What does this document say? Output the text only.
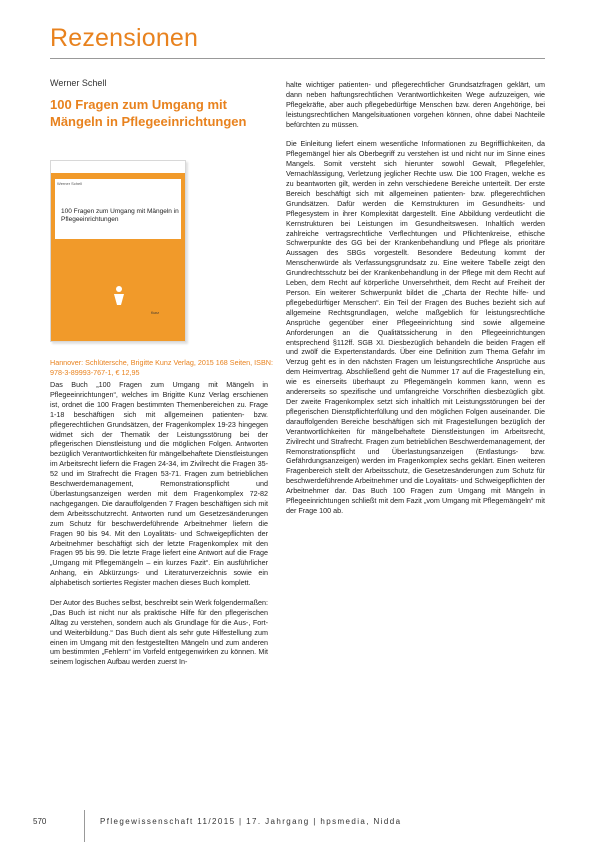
Rezensionen
Werner Schell
100 Fragen zum Umgang mit Mängeln in Pflegeeinrichtungen
Werner Schell
100 Fragen zum Umgang mit Mängeln in Pflegeeinrichtungen
Kunz
Hannover: Schlütersche, Brigitte Kunz Verlag, 2015 168 Seiten, ISBN: 978-3-89993-767-1, € 12,95

Das Buch „100 Fragen zum Umgang mit Mängeln in Pflegeeinrichtungen“, welches im Brigitte Kunz Verlag erschienen ist, ordnet die 100 Fragen bestimmten Themenbereichen zu. Frage 1-18 beschäftigen sich mit allgemeinen patienten- bzw. pflegerechtlichen Grundsätzen, der Fragenkomplex 19-23 hingegen widmet sich der Thematik der Leistungsstörung bei der pflegerischen Dienstleistung und die möglichen Folgen. Antworten bezüglich Verantwortlichkeiten für mängelbehaftete Dienstleistungen im Arbeitsrecht liefern die Fragen 24-34, im Zivilrecht die Fragen 35-52 und im Strafrecht die Fragen 53-71. Fragen zum betrieblichen Beschwerdemanagement, Remonstrationspflicht und Überlastungsanzeigen werden mit dem Fragenkomplex 72-82 nachgegangen. Die darauffolgenden 7 Fragen beschäftigen sich mit dem Arbeitsschutzrecht. Antworten rund um Gesetzesänderungen zum Schutz für beschwerdeführende Arbeitnehmer liefern die Fragen 90 bis 94. Mit den Loyalitäts- und Schweigepflichten der Arbeitnehmer beschäftigt sich der letzte Fragenkomplex mit den Fragen 95 bis 99. Die letzte Frage liefert eine Antwort auf die Frage „Umgang mit Pflegemängeln – ein kurzes Fazit“. Ein ausführlicher Anhang, ein Abkürzungs- und Literaturverzeichnis sowie ein alphabetisch sortiertes Register machen dieses Buch komplett.

Der Autor des Buches selbst, beschreibt sein Werk folgendermaßen: „Das Buch ist nicht nur als praktische Hilfe für den pflegerischen Alltag zu verstehen, sondern auch als Grundlage für die Aus-, Fort- und Weiterbildung.“ Das Buch dient als sehr gute Hilfestellung zum einen im Umgang mit den festgestellten Mängeln und zum anderen um bestimmten „Fehlern“ im Vorfeld entgegenwirken zu können. Mit seinem logischen Aufbau werden zuerst In-

halte wichtiger patienten- und pflegerechtlicher Grundsatzfragen geklärt, um dann neben haftungsrechtlichen Verantwortlichkeiten Wege aufzuzeigen, wie Pflegekräfte, aber auch pflegebedürftige Menschen bzw. deren Angehörige, bei leistungsrechtlichen Mangelsituationen vorgehen können, ohne dabei Nachteile befürchten zu müssen.

Die Einleitung liefert einem wesentliche Informationen zu Begrifflichkeiten, da Pflegemängel hier als Oberbegriff zu verstehen ist und nicht nur im Sinne eines Mangels. Somit versteht sich hierunter sowohl Gewalt, Pflegefehler, Vernachlässigung, Verletzung jeglicher Rechte usw. Die 100 Fragen, welche es zu beantworten gilt, werden in zehn verschiedene Bereiche unterteilt. Der erste Bereich beschäftigt sich mit allgemeinen patienten- bzw. pflegerechtlichen Grundsätzen. Dafür werden die Kernstrukturen im Gesundheits- und Pflegesystem in ihrer Komplexität dargestellt. Eine Abbildung verdeutlicht die Kernstrukturen bei Leistungen im Gesundheitswesen. Inhaltlich werden zahlreiche vertragsrechtliche Verflechtungen und Pflichtenkreise, ethische Schwerpunkte des GG bei der Krankenbehandlung und Pflege als prioritäre Aussagen des SBGs vorgestellt. Besondere Bedeutung kommt der Menschenwürde als Verfassungsgrundsatz zu. Eine weitere Tabelle zeigt den Grundrechtsschutz bei der Krankenbehandlung in der Pflege mit dem Recht auf Leben, dem Recht auf körperliche Unversehrtheit, dem Recht auf Freiheit der Person. Ein weiterer Schwerpunkt bildet die „Charta der Rechte hilfe- und pflegebedürftiger Menschen“. Ein Teil der Fragen des Buches bezieht sich auf allgemeine Rechtsgrundlagen, welche maßgeblich für leistungsrechtliche Ansprüche gegenüber einer Pflegeeinrichtung sind sowie allgemeine Anforderungen an die Qualitätssicherung in den Pflegeeinrichtungen entsprechend §112ff. SGB XI. Diesbezüglich behandeln die beiden Fragen elf und zwölf die Expertenstandards. Über eine Definition zum Thema Gefahr im Verzug geht es in den nächsten Fragen um leistungsrechtliche Ansprüche aus dem Heimvertrag. Abschließend geht die Nummer 17 auf die Fragestellung ein, wie es einerseits überhaupt zu Pflegemängeln kommen kann, wenn es andererseits so spezifische und umfangreiche Vorschriften diesbezüglich gibt. Der zweite Fragenkomplex setzt sich inhaltlich mit Leistungsstörungen bei der pflegerischen Dienstpflichterfüllung und den möglichen Folgen auseinander. Die darauffolgenden Bereiche beschäftigen sich mit Fragestellungen bezüglich der Verantwortlichkeiten für mängelbehaftete Dienstleistungen im Arbeitsrecht, Zivilrecht und Strafrecht. Fragen zum betrieblichen Beschwerdemanagement, der Remonstrationspflicht und Überlastungsanzeigen (Entlastungs- bzw. Gefährdungsanzeigen) werden im Fragenkomplex sechs geklärt. Einen weiteren Fragenbereich stellt der Arbeitsschutz, die Gesetzesänderungen zum Schutz für beschwerdeführende Arbeitnehmer und die Loyalitäts- und Schweigepflichten der Arbeitnehmer dar. Das Buch 100 Fragen zum Umgang mit Mängeln in Pflegeeinrichtungen schließt mit dem Fazit „vom Umgang mit Pflegemängeln“ mit der Frage 100 ab.

570	Pflegewissenschaft 11/2015 | 17. Jahrgang | hpsmedia, Nidda
